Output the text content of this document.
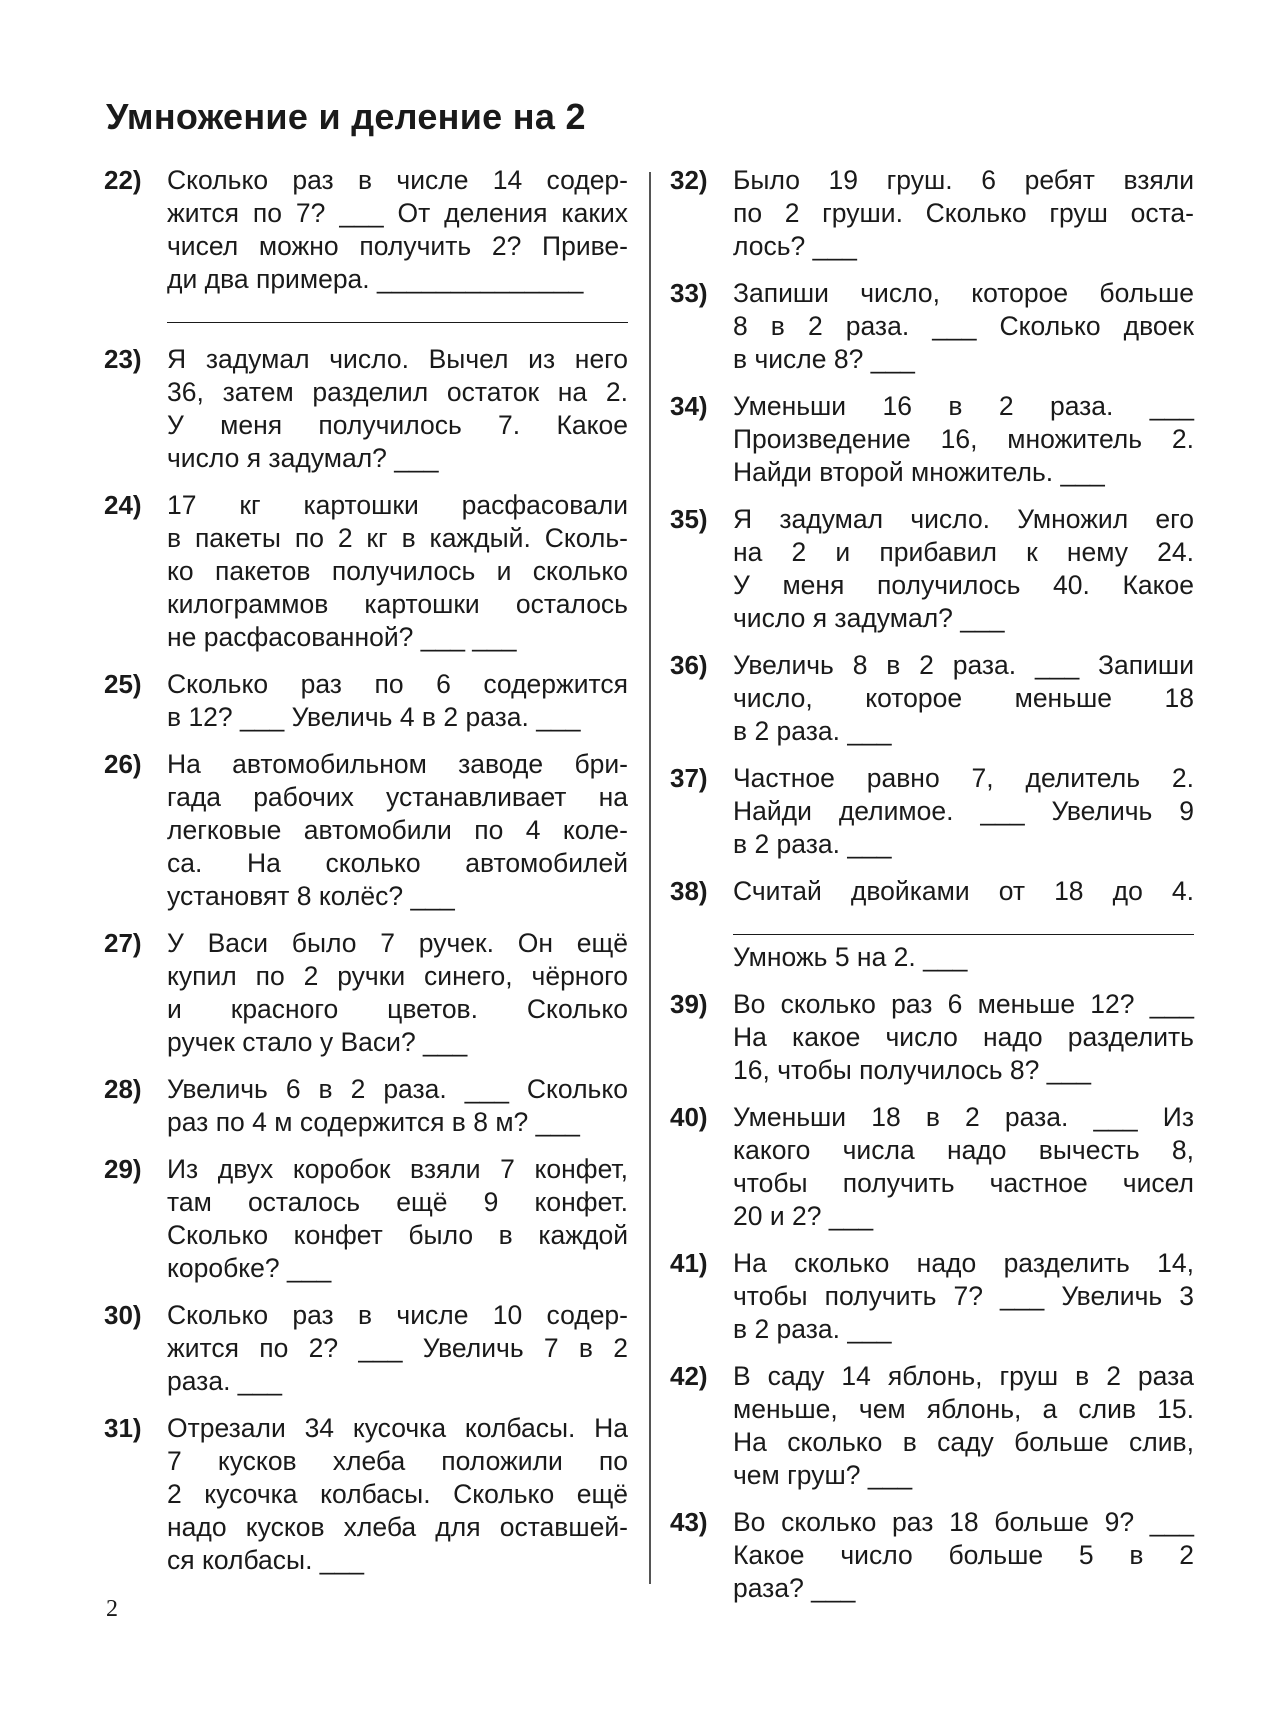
Умножение и деление на 2
22) Сколько раз в числе 14 содер-
жится по 7? ___ От деления каких
чисел можно получить 2? Приве-
ди два примера. ______________
23) Я задумал число. Вычел из него
36, затем разделил остаток на 2.
У меня получилось 7. Какое
число я задумал? ___
24) 17 кг картошки расфасовали
в пакеты по 2 кг в каждый. Сколь-
ко пакетов получилось и сколько
килограммов картошки осталось
не расфасованной? ___ ___
25) Сколько раз по 6 содержится
в 12? ___ Увеличь 4 в 2 раза. ___
26) На автомобильном заводе бри-
гада рабочих устанавливает на
легковые автомобили по 4 коле-
са. На сколько автомобилей
установят 8 колёс? ___
27) У Васи было 7 ручек. Он ещё
купил по 2 ручки синего, чёрного
и красного цветов. Сколько
ручек стало у Васи? ___
28) Увеличь 6 в 2 раза. ___ Сколько
раз по 4 м содержится в 8 м? ___
29) Из двух коробок взяли 7 конфет,
там осталось ещё 9 конфет.
Сколько конфет было в каждой
коробке? ___
30) Сколько раз в числе 10 содер-
жится по 2? ___ Увеличь 7 в 2
раза. ___
31) Отрезали 34 кусочка колбасы. На
7 кусков хлеба положили по
2 кусочка колбасы. Сколько ещё
надо кусков хлеба для оставшей-
ся колбасы. ___
32) Было 19 груш. 6 ребят взяли
по 2 груши. Сколько груш оста-
лось? ___
33) Запиши число, которое больше
8 в 2 раза. ___ Сколько двоек
в числе 8? ___
34) Уменьши 16 в 2 раза. ___
Произведение 16, множитель 2.
Найди второй множитель. ___
35) Я задумал число. Умножил его
на 2 и прибавил к нему 24.
У меня получилось 40. Какое
число я задумал? ___
36) Увеличь 8 в 2 раза. ___ Запиши
число, которое меньше 18
в 2 раза. ___
37) Частное равно 7, делитель 2.
Найди делимое. ___ Увеличь 9
в 2 раза. ___
38) Считай двойками от 18 до 4.
Умножь 5 на 2. ___
39) Во сколько раз 6 меньше 12? ___
На какое число надо разделить
16, чтобы получилось 8? ___
40) Уменьши 18 в 2 раза. ___ Из
какого числа надо вычесть 8,
чтобы получить частное чисел
20 и 2? ___
41) На сколько надо разделить 14,
чтобы получить 7? ___ Увеличь 3
в 2 раза. ___
42) В саду 14 яблонь, груш в 2 раза
меньше, чем яблонь, а слив 15.
На сколько в саду больше слив,
чем груш? ___
43) Во сколько раз 18 больше 9? ___
Какое число больше 5 в 2
раза? ___
2
